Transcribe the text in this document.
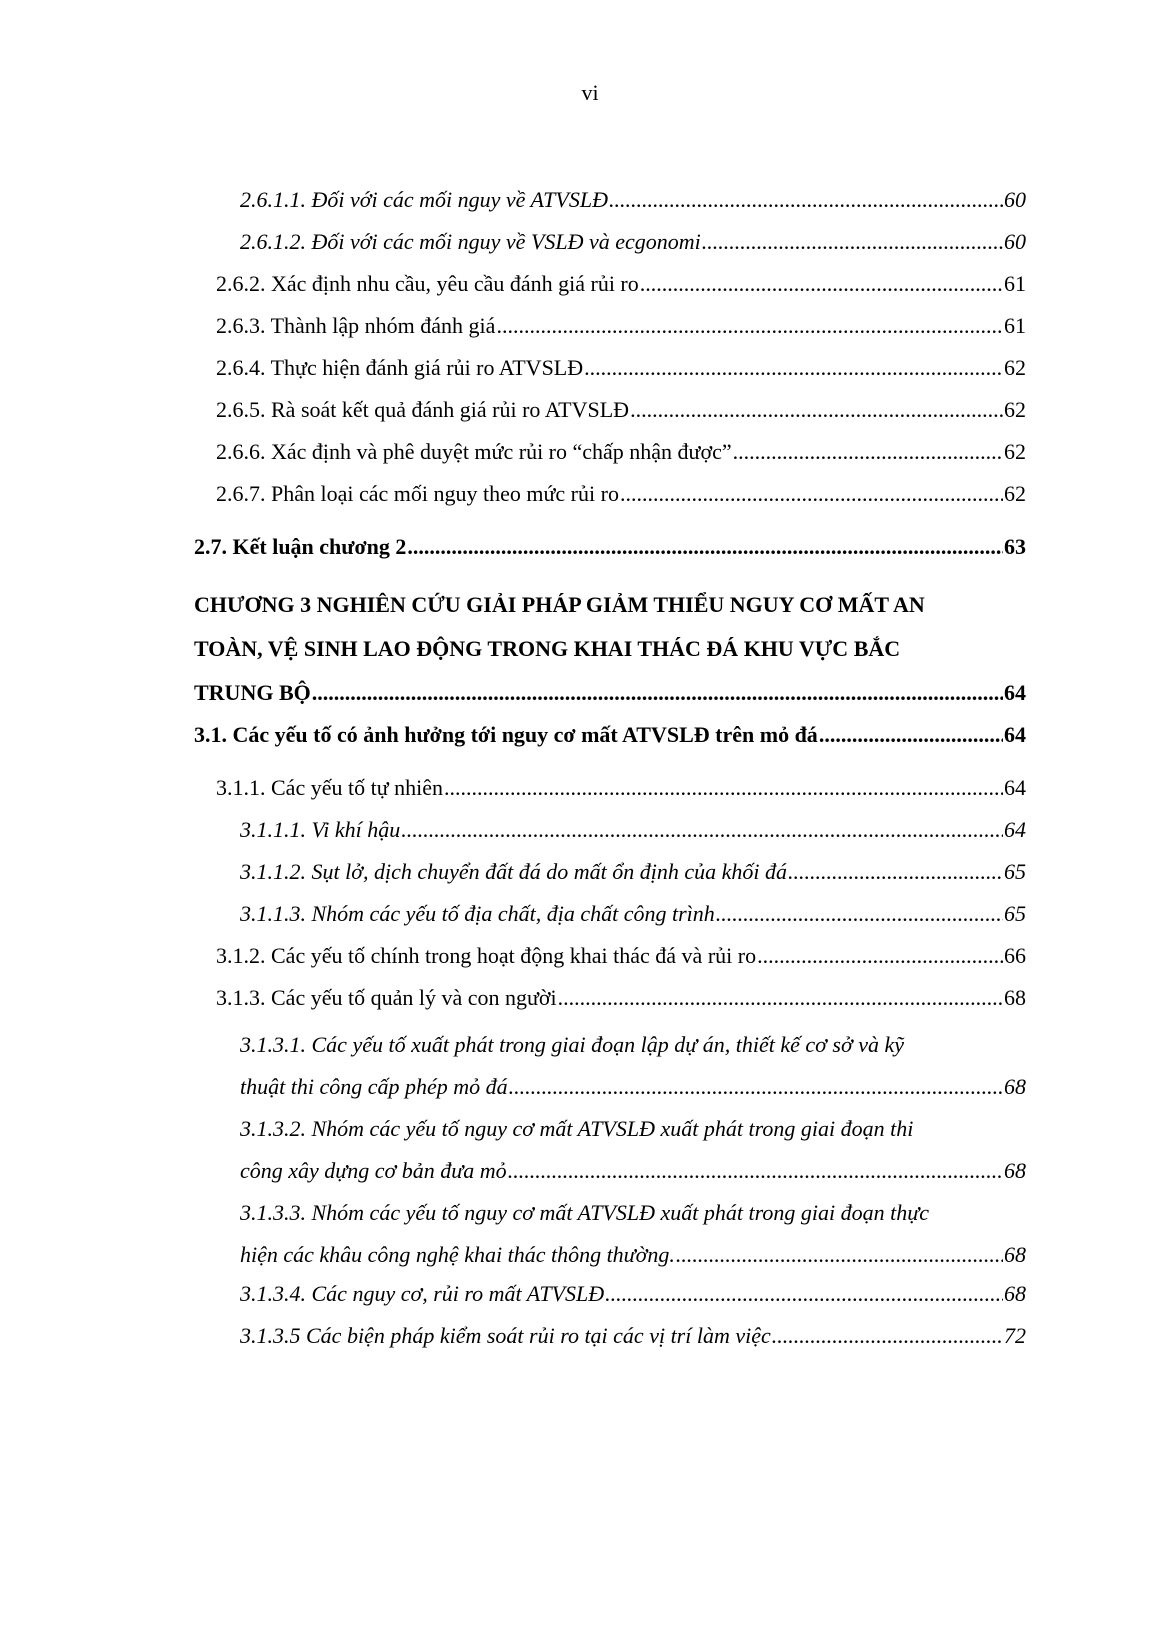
vi
2.6.1.1. Đối với các mối nguy về ATVSLĐ .....	60
2.6.1.2. Đối với các mối nguy về VSLĐ và ecgonomi .....	60
2.6.2. Xác định nhu cầu, yêu cầu đánh giá rủi ro .....	61
2.6.3. Thành lập nhóm đánh giá .....	61
2.6.4. Thực hiện đánh giá rủi ro ATVSLĐ .....	62
2.6.5. Rà soát kết quả đánh giá rủi ro ATVSLĐ .....	62
2.6.6. Xác định và phê duyệt mức rủi ro “chấp nhận được” .....	62
2.6.7. Phân loại các mối nguy theo mức rủi ro .....	62
2.7. Kết luận chương 2 .....	63
CHƯƠNG 3 NGHIÊN CỨU GIẢI PHÁP GIẢM THIỂU NGUY CƠ MẤT AN
TOÀN, VỆ SINH LAO ĐỘNG TRONG KHAI THÁC ĐÁ KHU VỰC BẮC
TRUNG BỘ .....	64
3.1. Các yếu tố có ảnh hưởng tới nguy cơ mất ATVSLĐ trên mỏ đá .....	64
3.1.1. Các yếu tố tự nhiên .....	64
3.1.1.1. Vi khí hậu .....	64
3.1.1.2. Sụt lở, dịch chuyển đất đá do mất ổn định của khối đá .....	65
3.1.1.3. Nhóm các yếu tố địa chất, địa chất công trình .....	65
3.1.2. Các yếu tố chính trong hoạt động khai thác đá và rủi ro .....	66
3.1.3. Các yếu tố quản lý và con người .....	68
3.1.3.1. Các yếu tố xuất phát trong giai đoạn lập dự án, thiết kế cơ sở và kỹ
thuật thi công cấp phép mỏ đá .....	68
3.1.3.2. Nhóm các yếu tố nguy cơ mất ATVSLĐ xuất phát trong giai đoạn thi
công xây dựng cơ bản đưa mỏ .....	68
3.1.3.3. Nhóm các yếu tố nguy cơ mất ATVSLĐ xuất phát trong giai đoạn thực
hiện các khâu công nghệ khai thác thông thường. .....	68
3.1.3.4. Các nguy cơ, rủi ro mất ATVSLĐ .....	68
3.1.3.5 Các biện pháp kiểm soát rủi ro tại các vị trí làm việc .....	72
